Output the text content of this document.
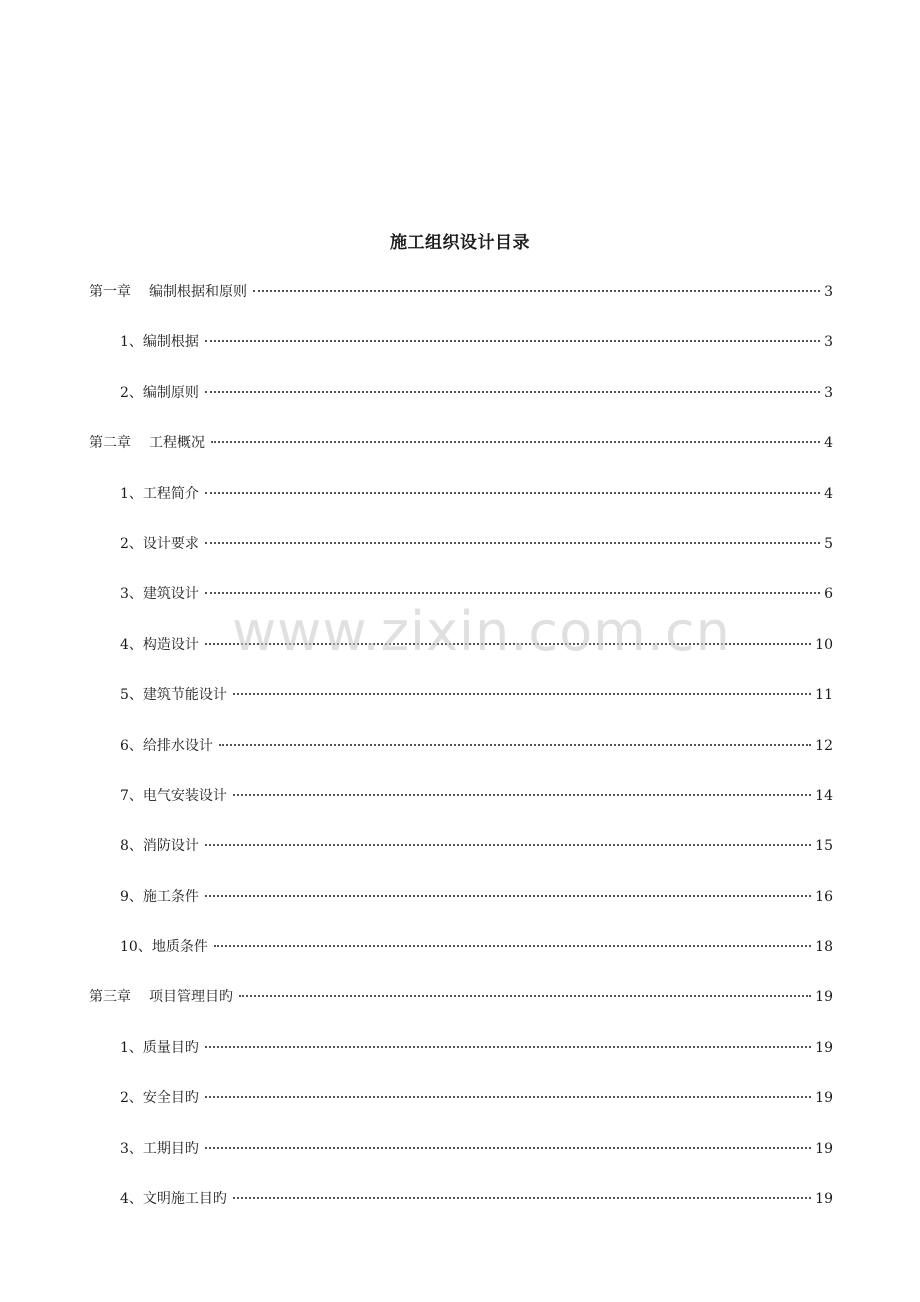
施工组织设计目录
第一章 编制根据和原则	3
1、编制根据	3
2、编制原则	3
第二章 工程概况	4
1、工程简介	4
2、设计要求	5
3、建筑设计	6
4、构造设计	10
5、建筑节能设计	11
6、给排水设计	12
7、电气安装设计	14
8、消防设计	15
9、施工条件	16
10、地质条件	18
第三章 项目管理目旳	19
1、质量目旳	19
2、安全目旳	19
3、工期目旳	19
4、文明施工目旳	19
www.zixin.com.cn
